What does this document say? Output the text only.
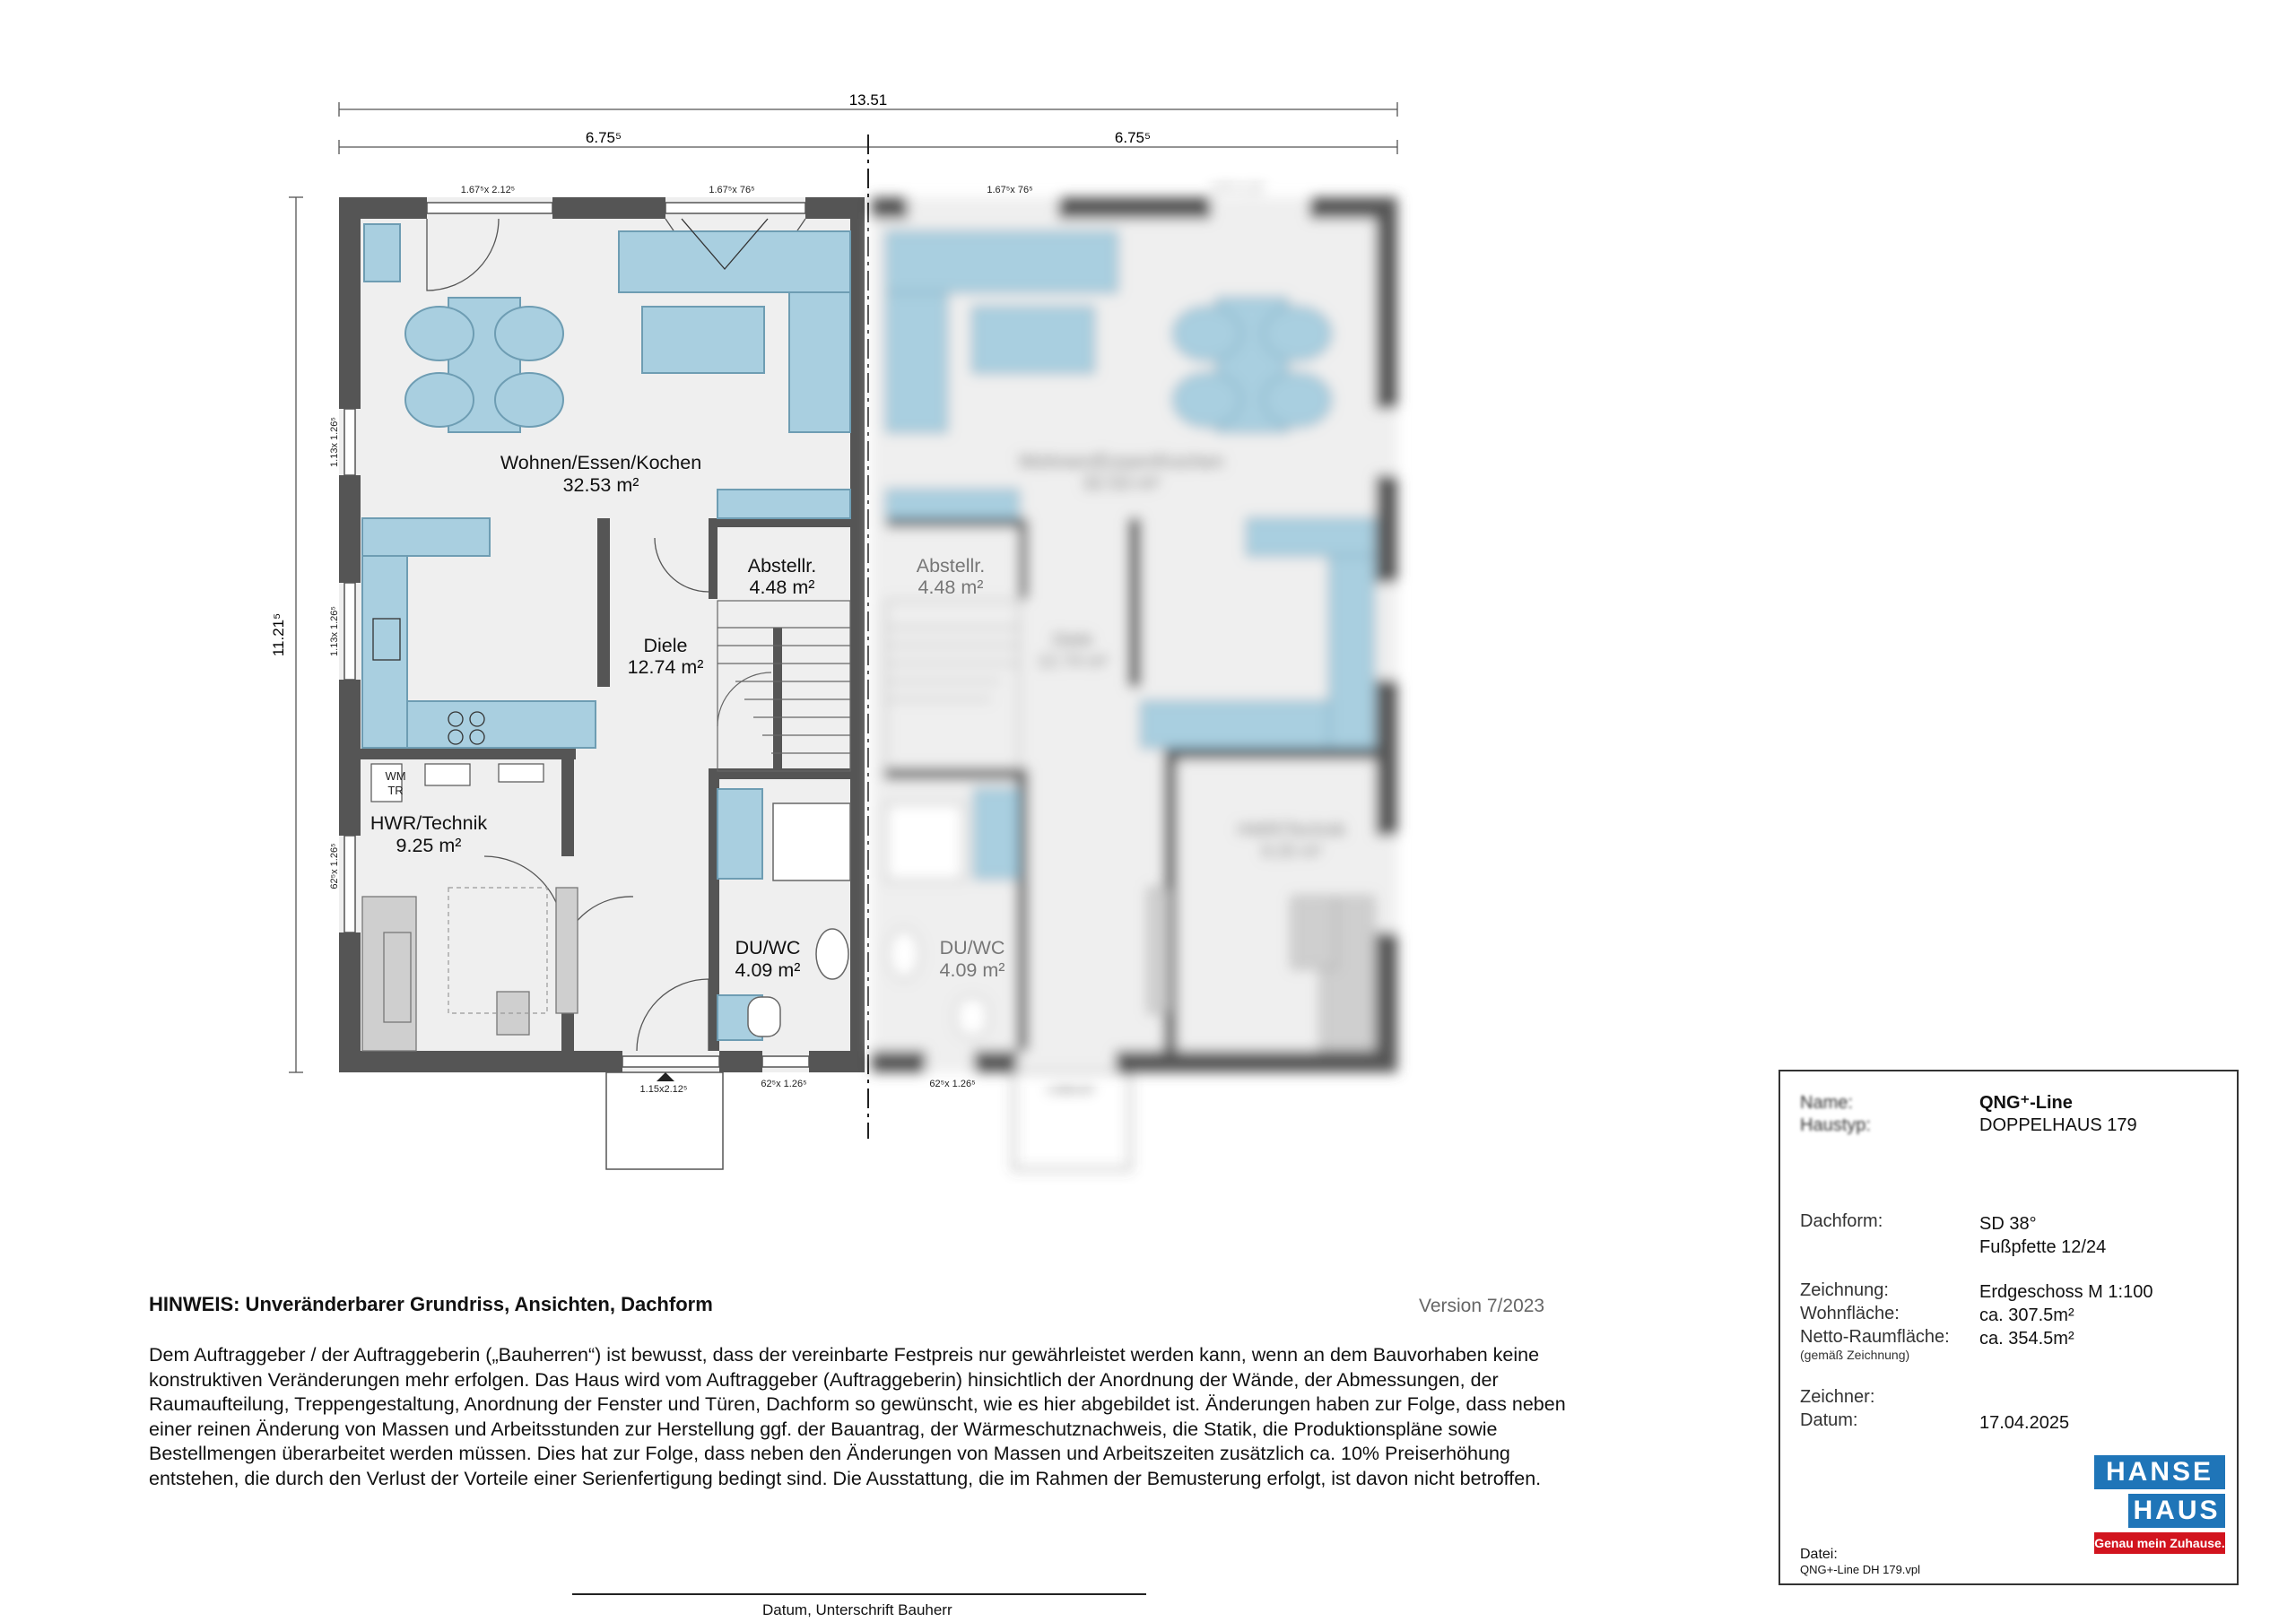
13.51
6.75⁵	6.75⁵
11.21⁵
Wohnen/Essen/Kochen
32.53 m²
Diele
12.74 m²
HWR/Technik
9.25 m²
1.67⁵x 2.12⁵
1.15x2.12⁵
1.67⁵x 2.12⁵	1.67⁵x 76⁵	1.67⁵x 76⁵
1.13x 1.26⁵
1.13x 1.26⁵
62⁵x 1.26⁵
1.15x2.12⁵	62⁵x 1.26⁵	62⁵x 1.26⁵
Wohnen/Essen/Kochen
32.53 m²
Abstellr.
4.48 m²
Diele
12.74 m²
HWR/Technik
9.25 m²
DU/WC
4.09 m²
Abstellr.
4.48 m²
DU/WC
4.09 m²
WM
TR
HINWEIS: Unveränderbarer Grundriss, Ansichten, Dachform	Version 7/2023
Dem Auftraggeber / der Auftraggeberin („Bauherren“) ist bewusst, dass der vereinbarte Festpreis nur gewährleistet werden kann, wenn an dem Bauvorhaben keine konstruktiven Veränderungen mehr erfolgen. Das Haus wird vom Auftraggeber (Auftraggeberin) hinsichtlich der Anordnung der Wände, der Abmessungen, der Raumaufteilung, Treppengestaltung, Anordnung der Fenster und Türen, Dachform so gewünscht, wie es hier abgebildet ist. Änderungen haben zur Folge, dass neben einer reinen Änderung von Massen und Arbeitsstunden zur Herstellung ggf. der Bauantrag, der Wärmeschutznachweis, die Statik, die Produktionspläne sowie Bestellmengen überarbeitet werden müssen. Dies hat zur Folge, dass neben den Änderungen von Massen und Arbeitszeiten zusätzlich ca. 10% Preiserhöhung entstehen, die durch den Verlust der Vorteile einer Serienfertigung bedingt sind. Die Ausstattung, die im Rahmen der Bemusterung erfolgt, ist davon nicht betroffen.
Datum, Unterschrift Bauherr
Name:	QNG⁺-Line
Haustyp:	DOPPELHAUS 179
Dachform:	SD 38°
Fußpfette 12/24
Zeichnung:	Erdgeschoss M 1:100
Wohnfläche:	ca. 307.5m²
Netto-Raumfläche: ca. 354.5m²
(gemäß Zeichnung)
Zeichner:
Datum:	17.04.2025
HANSE
HAUS
Genau mein Zuhause.
Datei:
QNG+-Line DH 179.vpl
